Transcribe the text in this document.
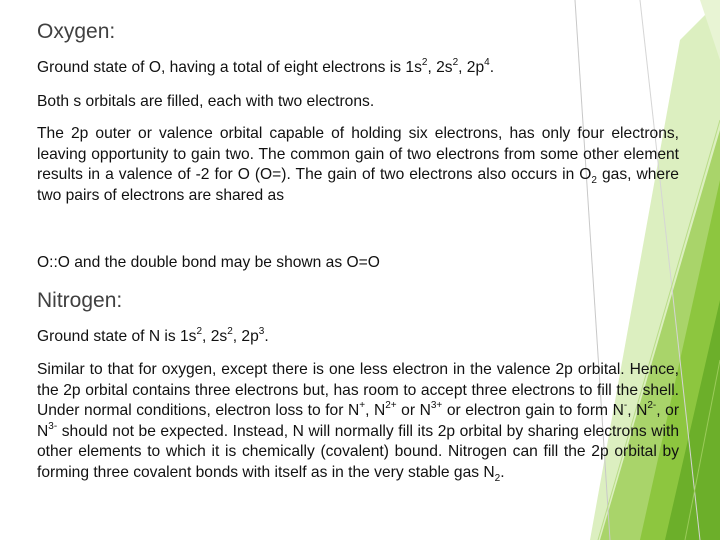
Oxygen:
Ground state of O, having a total of eight electrons is $1s^2$, $2s^2$, $2p^4$.
Both s orbitals are filled, each with two electrons.
The 2p outer or valence orbital capable of holding six electrons, has only four electrons, leaving opportunity to gain two. The common gain of two electrons from some other element results in a valence of -2 for O (O=). The gain of two electrons also occurs in $O_2$ gas, where two pairs of electrons are shared as
O::O and the double bond may be shown as O=O
Nitrogen:
Ground state of N is $1s^2$, $2s^2$, $2p^3$.
Similar to that for oxygen, except there is one less electron in the valence 2p orbital. Hence, the 2p orbital contains three electrons but, has room to accept three electrons to fill the shell. Under normal conditions, electron loss to for N+, $N^{2+}$ or $N^{3+}$ or electron gain to form N-, $N^{2-}$, or $N^{3-}$ should not be expected. Instead, N will normally fill its 2p orbital by sharing electrons with other elements to which it is chemically (covalent) bound. Nitrogen can fill the 2p orbital by forming three covalent bonds with itself as in the very stable gas $N_2$.
